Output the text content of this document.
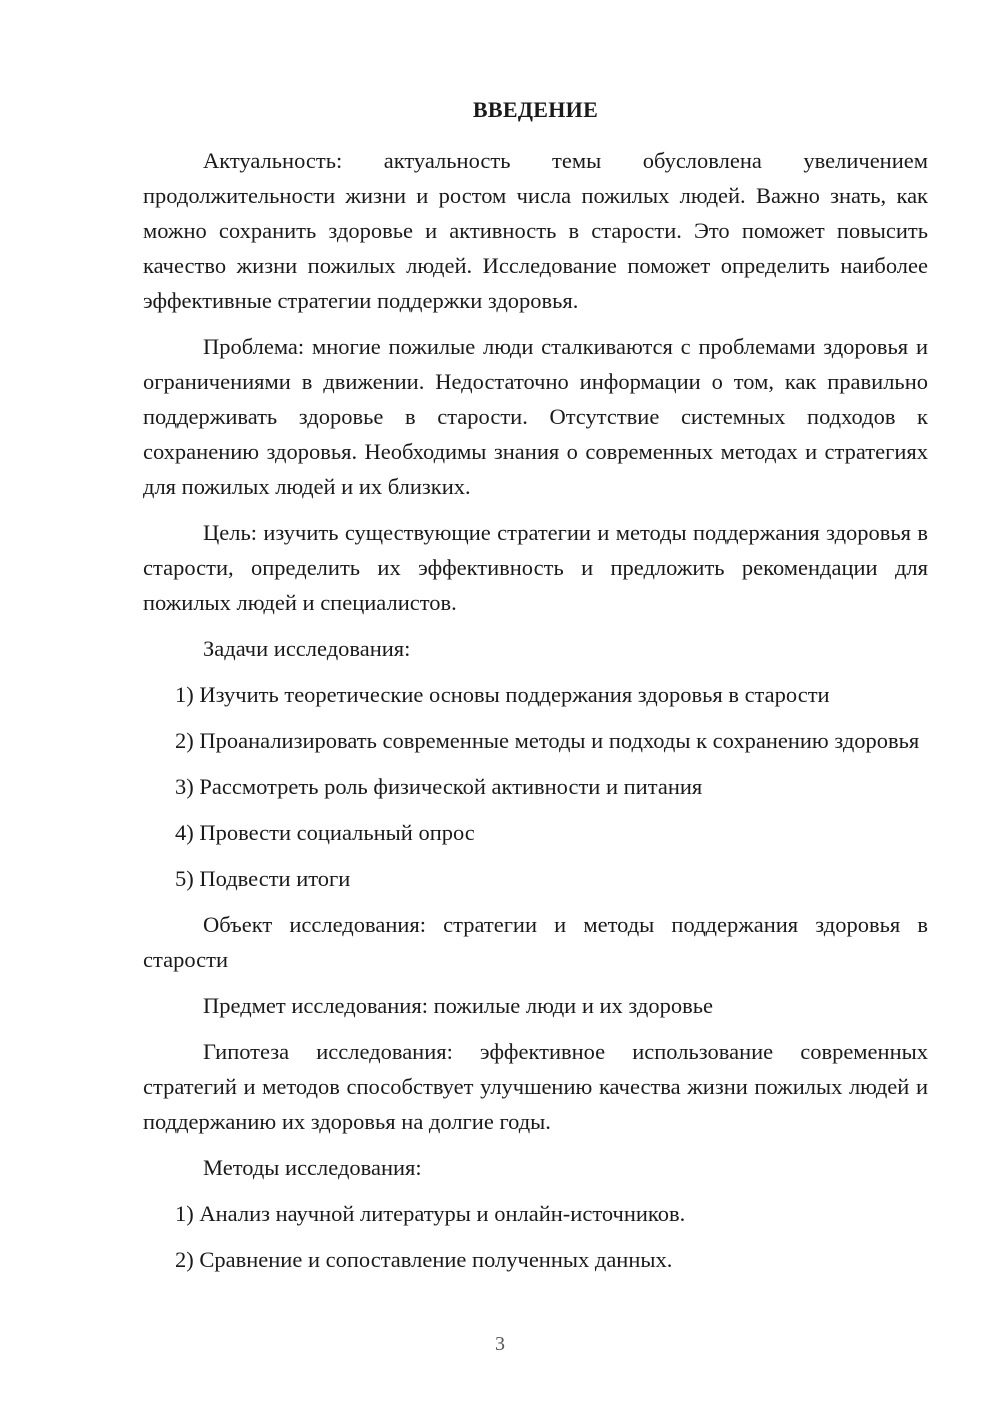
ВВЕДЕНИЕ

Актуальность: актуальность темы обусловлена увеличением продолжительности жизни и ростом числа пожилых людей. Важно знать, как можно сохранить здоровье и активность в старости. Это поможет повысить качество жизни пожилых людей. Исследование поможет определить наиболее эффективные стратегии поддержки здоровья.

Проблема: многие пожилые люди сталкиваются с проблемами здоровья и ограничениями в движении. Недостаточно информации о том, как правильно поддерживать здоровье в старости. Отсутствие системных подходов к сохранению здоровья. Необходимы знания о современных методах и стратегиях для пожилых людей и их близких.

Цель: изучить существующие стратегии и методы поддержания здоровья в старости, определить их эффективность и предложить рекомендации для пожилых людей и специалистов.

Задачи исследования:

1) Изучить теоретические основы поддержания здоровья в старости

2) Проанализировать современные методы и подходы к сохранению здоровья

3) Рассмотреть роль физической активности и питания

4) Провести социальный опрос

5) Подвести итоги

Объект исследования: стратегии и методы поддержания здоровья в старости

Предмет исследования: пожилые люди и их здоровье

Гипотеза исследования: эффективное использование современных стратегий и методов способствует улучшению качества жизни пожилых людей и поддержанию их здоровья на долгие годы.

Методы исследования:

1) Анализ научной литературы и онлайн-источников.

2) Сравнение и сопоставление полученных данных.

3
